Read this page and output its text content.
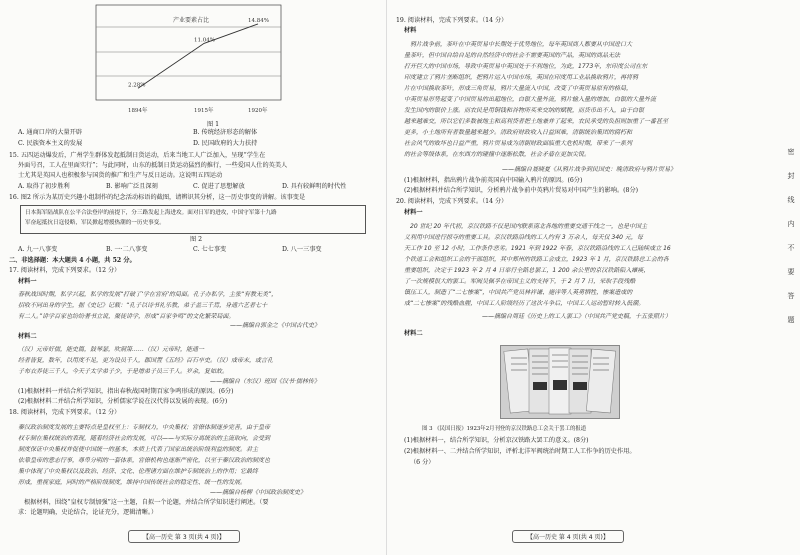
产业要素占比
2.28%
1894年
11.04%
1915年
14.84%
1920年
图 1
A. 通商口岸的大量开辟	B. 传统经济形态的解体
C. 民族资本主义的发展	D. 民国政府的大力扶持
15. 五四运动爆发后，广州学生群体发起抵制日货运动，后来当地工人广泛加入，呈现“学生在
外面号召，工人在里面实行”；与此同时，山东的抵制日货运动猛烈的推行，一些爱国人仕的英美人
士尤其是英国人也积极参与国货的推广和生产与反日运动。这说明五四运动
A. 取得了初步胜利	B. 影响广泛且深刻	C. 促进了思想解放	D. 具有较鲜明的时代性
16. 图2 所示为某历史兴趣小组制作的纪念活动标语的截图，请辨识其分析，这一历史事变的讲解。该事变是
日本海军陆战队在公平合法登岸的前提下，分三路发起上海进攻。面对日军的进攻，中国守军第十九路
军奋起抵抗日寇侵略，军民掀起增援热潮的一历史事变。
图 2
A. 九一八事变	B. 一·二八事变	C. 七七事变	D. 八一三事变
二、非选择题：本大题共 4 小题，共 52 分。
17. 阅读材料，完成下列要求。（12 分）
材料一
春秋战国时期，私学兴起，私学的发展“打破了‘学在官府’的局面。孔子办私学，主张“有教无类”，
招收不同出身的学生，据《史记》记载：“孔子以诗书礼乐教，弟子盖三千焉，身通六艺者七十
有二人。”讲学百家也纷纷著书立说，聚徒讲学，形成“百家争鸣”的文化繁荣局面。
——摘编自郭金之《中国古代史》
材料二
（汉）元帝好儒，能史篇，鼓琴瑟，吹洞箫……（汉）元帝时，能通一
经者皆复，数年，以用度不足，更为设员千人，郡国置《五经》百石卒史。（汉）成帝末，或言孔
子布衣养徒三千人，今天子太学弟子少，于是增弟子员三千人。岁余，复如故。
——摘编自（东汉）班固《汉书·儒林传》
(1)根据材料一并结合所学知识，指出春秋战国时期百家争鸣形成的原因。(6分)
(2)根据材料二并结合所学知识，分析儒家学说在汉代得以发展的表现。(6分)
18. 阅读材料，完成下列要求。（12 分）
秦汉政治制度发展的主要特点是皇权至上：专制权力，中央集权；官僚体制逐步完善，由于皇帝
权专制在集权统治的表现，随着经济社会的发展，可以——与实际分离统治的主流取向，会受到
制度保证中央集权并促使中国统一的基本，本质上代表了国家出统治阶级利益的制度。君主
依靠皇帝的意志行事，尊卑分明的一套体系，官僚机构也逐渐严密化，以至于秦汉政治的制度也
集中体现了中央集权以及政治、经济、文化、伦理诸方面在维护专制统治上的作用；它最终
形成，重视家庭，同时的严格阶级制度，维持中国传统社会的稳定性、统一性的发展。
——摘编自杨柳《中国政治制度史》
根据材料，围绕“皇权专制加强”这一主题，自拟一个论题，并结合所学知识进行阐述。（要
求：论题明确，史论结合，论证充分，逻辑清晰。）
【高一历史 第 3 页(共 4 页)】
19. 阅读材料，完成下列要求。（14 分）
材料
鸦片战争前，茶叶在中英贸易中长期处于优势地位，每年英国商人都要从中国进口大
量茶叶，但中国自给自足的自然经济中的社会不需要英国的产品，英国的商品无法
打开巨大的中国市场，导致中英贸易中英国处于不利地位，为此，1773年，东印度公司在东
印度建立了鸦片垄断组织，把鸦片运入中国市场，英国在印度用工业品换取鸦片，再将鸦
片在中国换取茶叶，形成三角贸易，鸦片大量流入中国，改变了中英贸易原有的格局，
中英贸易形势起变了中国贸易的出超地位，白银大量外流，鸦片输入量的增加，白银的大量外流
发生国内的银价上涨。而农民是用铜钱和谷物所买来交纳的赋税，而货币出不入，由于白银
越来越难交，所以它们多数被地主和高利贷者把土地兼并了起来，农民承受的负担则加重了一番甚至
更多，小土地所有者数量越来越少。清政府财政收入日益困难，清朝统治集团的腐朽和
社会风气的败坏也日益严重，鸦片贸易成为清朝财政面临重大危机时期，带来了一系列
的社会等级体系，在东西方的碰撞中逐渐松散，社会矛盾在更加尖锐。
——摘编自聂晓夏《从鸦片战争到民国史：晚清政府与鸦片贸易》
(1)根据材料，指出鸦片战争前英国向中国输入鸦片的原因。(6分)
(2)根据材料并结合所学知识，分析鸦片战争前中英鸦片贸易对中国产生的影响。(8分)
20. 阅读材料，完成下列要求。（14 分）
材料一
20 世纪 20 年代初，京汉铁路不仅是国内联系南北各地的重要交通干线之一，也是中国主
义利用中国进行掠夺的重要工具。京汉铁路沿线的工人约有 3 万余人，每天仅 340 元，每
天工作 10 至 12 小时，工作条件恶劣。1921 年到 1922 年春，京汉铁路沿线的工人已陆续成立 16
个铁道工会和组织工会的干部组织，其中郑州的铁路工会成立，1923 年 1 月，京汉铁路总工会的各
重要组织，决定于 1923 年 2 月 4 日举行全路总罢工，1 200 余公里的京汉铁路陷入瘫痪，
了一次规模很大的罢工。军阀吴佩孚在帝国主义的支持下，于 2 月 7 日，采取手段残酷
镇压工人，制造了“二七惨案”，中国共产党员林祥谦、施洋等人英勇牺牲，惨案造成的
成“二七惨案”的残酷血腥，中国工人阶级经历了这次斗争后，中国工人运动暂时转入低潮。
——摘编自周廷《历史上的工人罢工》（中国共产党史稿，十五张照片）
材料二
图 3 《民国日报》1923年2月刊登的京汉铁路总工会关于罢工的报道
(1)根据材料一，结合所学知识，分析京汉铁路大罢工的意义。(8分)
(2)根据材料一、二并结合所学知识，评析北洋军阀统治时期工人工作争的历史作用。
（6 分）
【高一历史 第 4 页(共 4 页)】
密
封
线
内
不
要
答
题
